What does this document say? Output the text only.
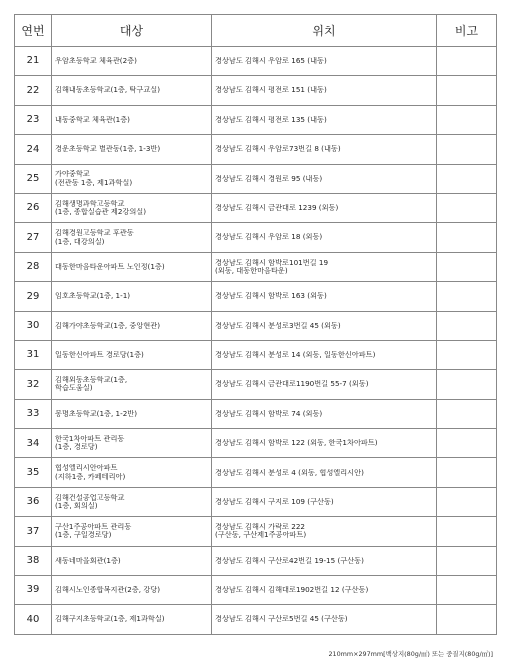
연번	대상	위치	비고
21	우암초등학교 체육관(2층)	경상남도 김해시 우암로 165 (내동)	

22	김해내동초등학교(1층, 탁구교실)	경상남도 김해시 평전로 151 (내동)	

23	내동중학교 체육관(1층)	경상남도 김해시 평전로 135 (내동)	

24	경운초등학교 별관동(1층, 1-3반)	경상남도 김해시 우암로73번길 8 (내동)	

25	가야중학교
(전관동 1층, 제1과학실)	경상남도 김해시 경원로 95 (내동)	

26	김해생명과학고등학교
(1층, 종합실습관 제2강의실)	경상남도 김해시 금관대로 1239 (외동)	

27	김해경원고등학교 후관동
(1층, 대강의실)	경상남도 김해시 우암로 18 (외동)	

28	대동한마음타운아파트 노인정(1층)	경상남도 김해시 함박로101번길 19
(외동, 대동한마음타운)	

29	임호초등학교(1층, 1-1)	경상남도 김해시 함박로 163 (외동)	

30	김해가야초등학교(1층, 중앙현관)	경상남도 김해시 분성로3번길 45 (외동)	

31	일동한신아파트 경로당(1층)	경상남도 김해시 분성로 14 (외동, 일동한신아파트)	

32	김해외동초등학교(1층,
학습도움실)	경상남도 김해시 금관대로1190번길 55-7 (외동)	

33	봉명초등학교(1층, 1-2반)	경상남도 김해시 함박로 74 (외동)	

34	한국1차아파트 관리동
(1층, 경로당)	경상남도 김해시 함박로 122 (외동, 한국1차아파트)	

35	협성엘리시안아파트
(지하1층, 카페테리아)	경상남도 김해시 분성로 4 (외동, 협성엘리시안)	

36	김해건설공업고등학교
(1층, 회의실)	경상남도 김해시 구지로 109 (구산동)	

37	구산1주공아파트 관리동
(1층, 구일경로당)	경상남도 김해시 가락로 222
(구산동, 구산제1주공아파트)	

38	새동네마을회관(1층)	경상남도 김해시 구산로42번길 19-15 (구산동)	

39	김해시노인종합복지관(2층, 강당)	경상남도 김해시 김해대로1902번길 12 (구산동)	

40	김해구지초등학교(1층, 제1과학실)	경상남도 김해시 구산로5번길 45 (구산동)	

210mm×297mm[백상지(80g/㎡) 또는 중질지(80g/㎡)]
